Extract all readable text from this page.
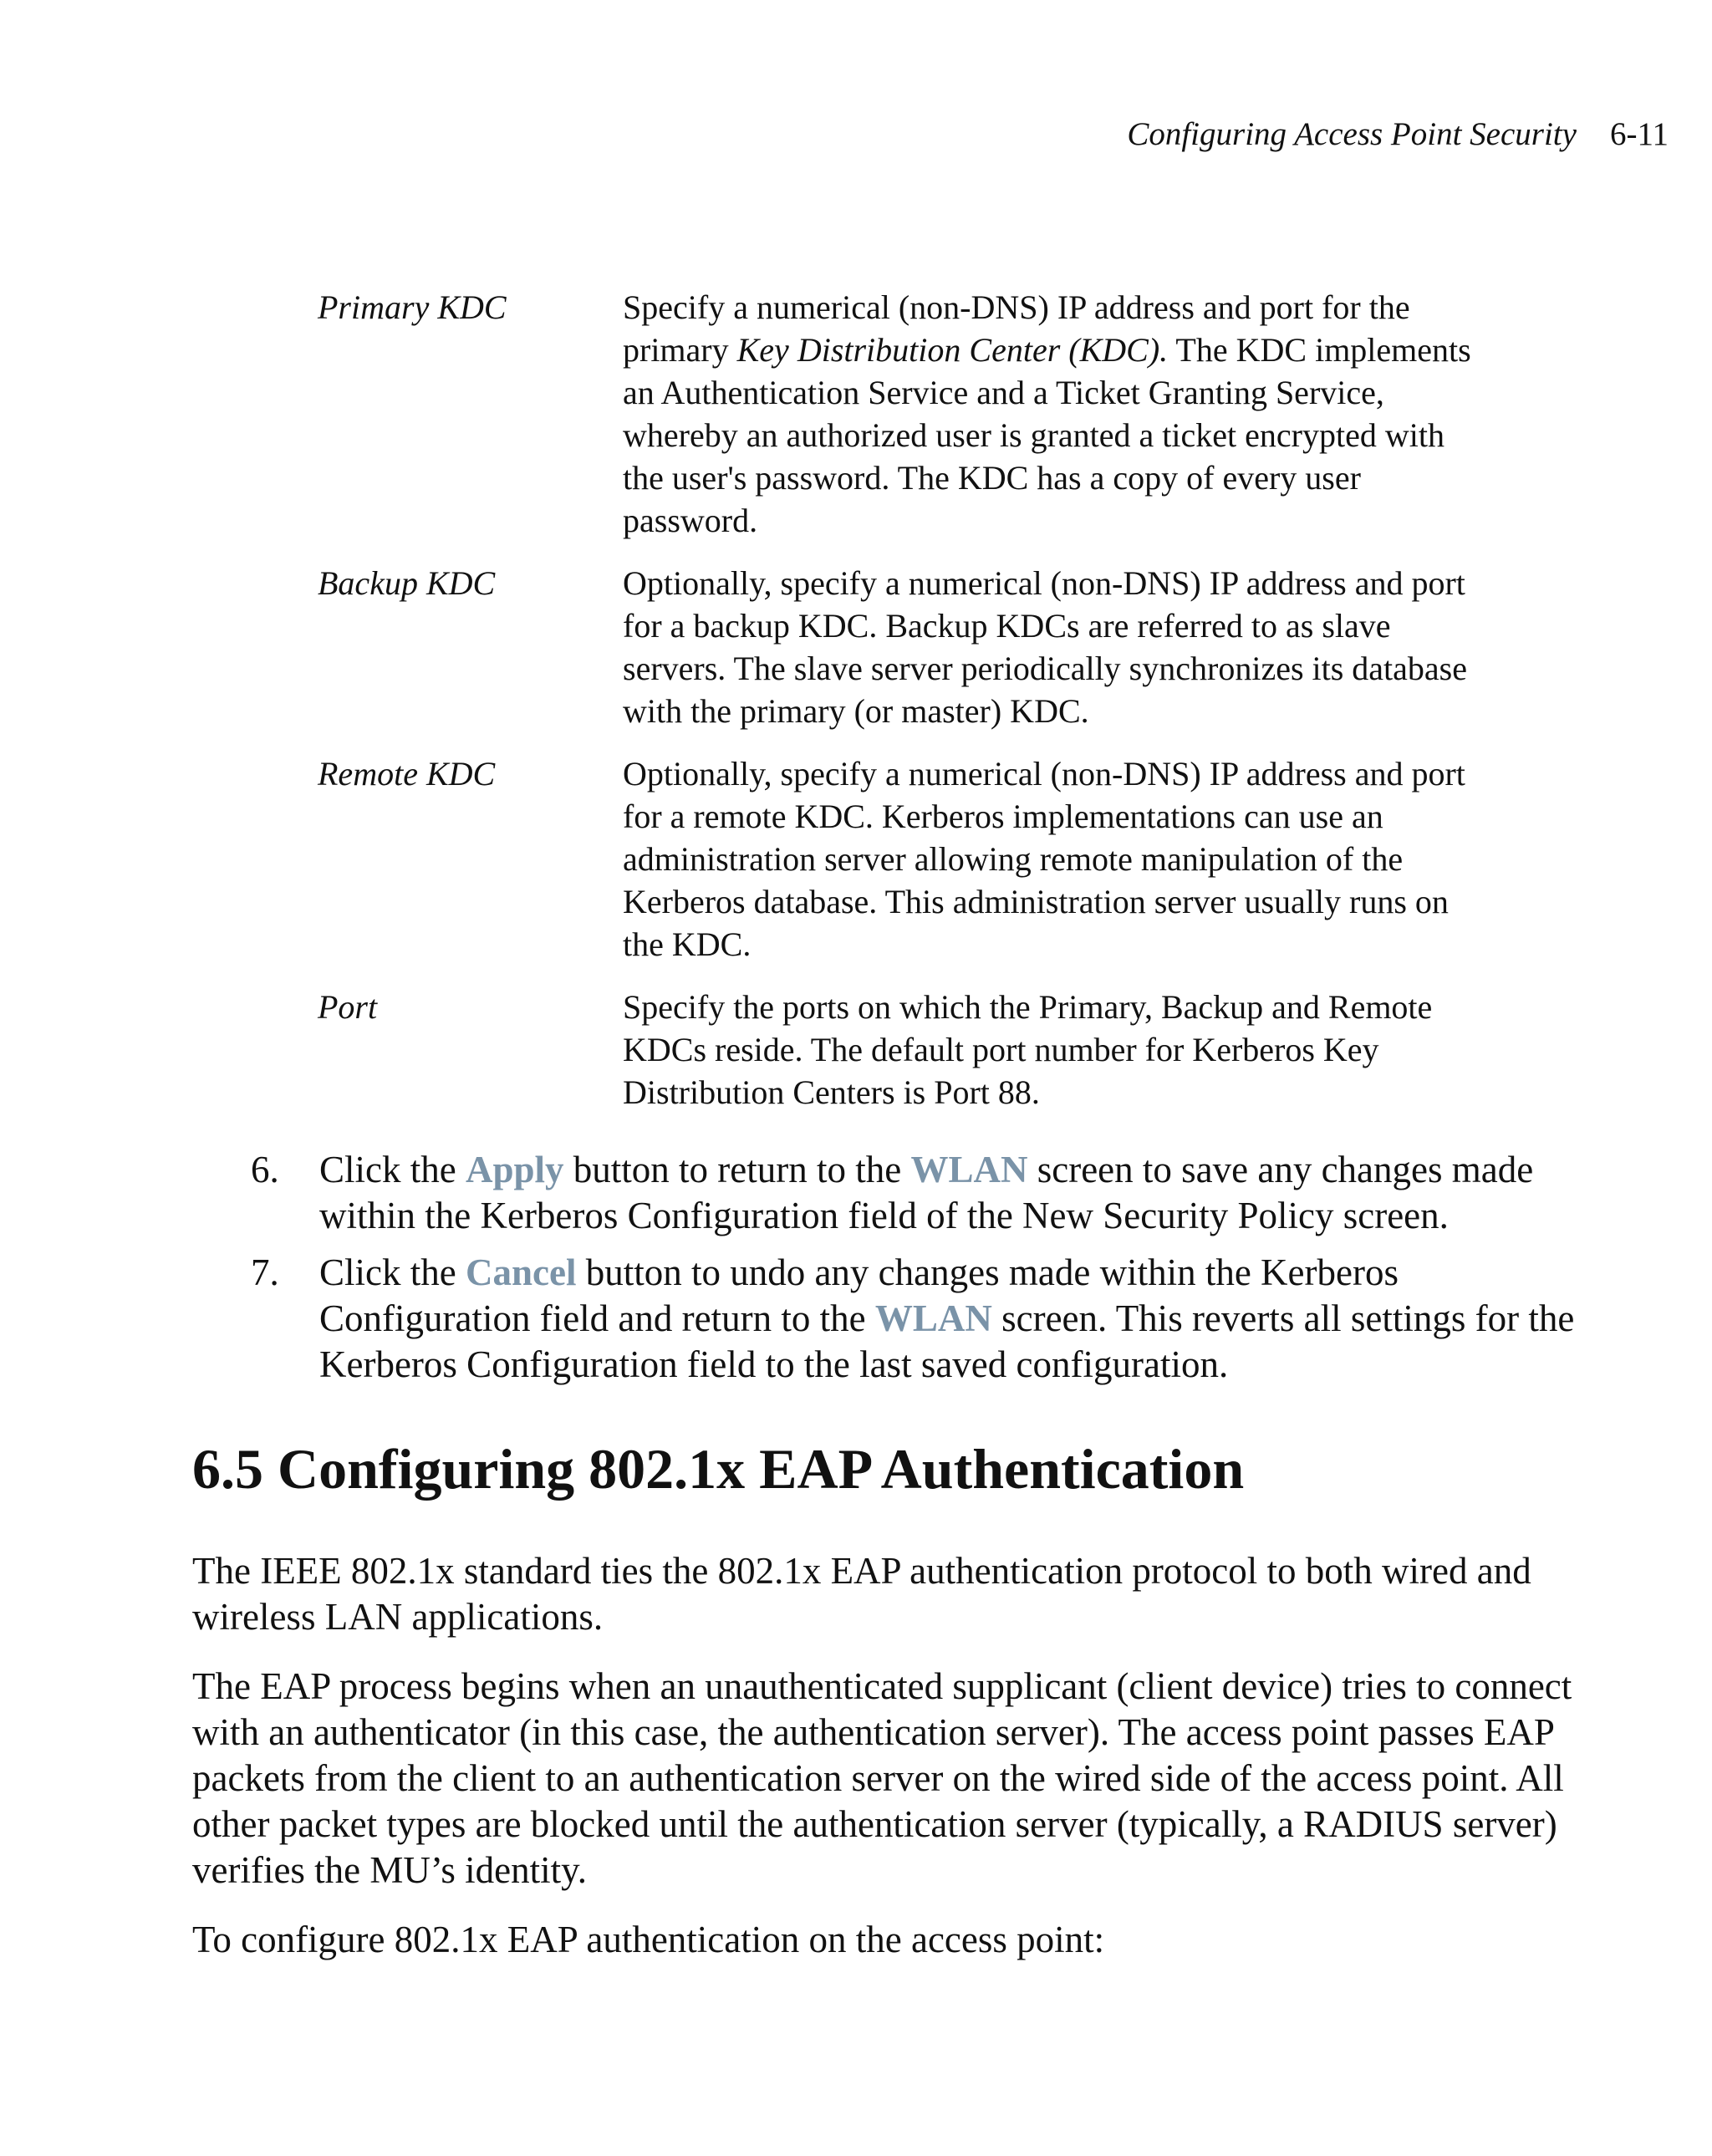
Configuring Access Point Security 6-11
Primary KDC	Specify a numerical (non-DNS) IP address and port for the primary Key Distribution Center (KDC). The KDC implements an Authentication Service and a Ticket Granting Service, whereby an authorized user is granted a ticket encrypted with the user's password. The KDC has a copy of every user password.
Backup KDC	Optionally, specify a numerical (non-DNS) IP address and port for a backup KDC. Backup KDCs are referred to as slave servers. The slave server periodically synchronizes its database with the primary (or master) KDC.
Remote KDC	Optionally, specify a numerical (non-DNS) IP address and port for a remote KDC. Kerberos implementations can use an administration server allowing remote manipulation of the Kerberos database. This administration server usually runs on the KDC.
Port	Specify the ports on which the Primary, Backup and Remote KDCs reside. The default port number for Kerberos Key Distribution Centers is Port 88.
6.	Click the Apply button to return to the WLAN screen to save any changes made within the Kerberos Configuration field of the New Security Policy screen.
7.	Click the Cancel button to undo any changes made within the Kerberos Configuration field and return to the WLAN screen. This reverts all settings for the Kerberos Configuration field to the last saved configuration.
6.5 Configuring 802.1x EAP Authentication

The IEEE 802.1x standard ties the 802.1x EAP authentication protocol to both wired and wireless LAN applications.

The EAP process begins when an unauthenticated supplicant (client device) tries to connect with an authenticator (in this case, the authentication server). The access point passes EAP packets from the client to an authentication server on the wired side of the access point. All other packet types are blocked until the authentication server (typically, a RADIUS server) verifies the MU’s identity.

To configure 802.1x EAP authentication on the access point:
